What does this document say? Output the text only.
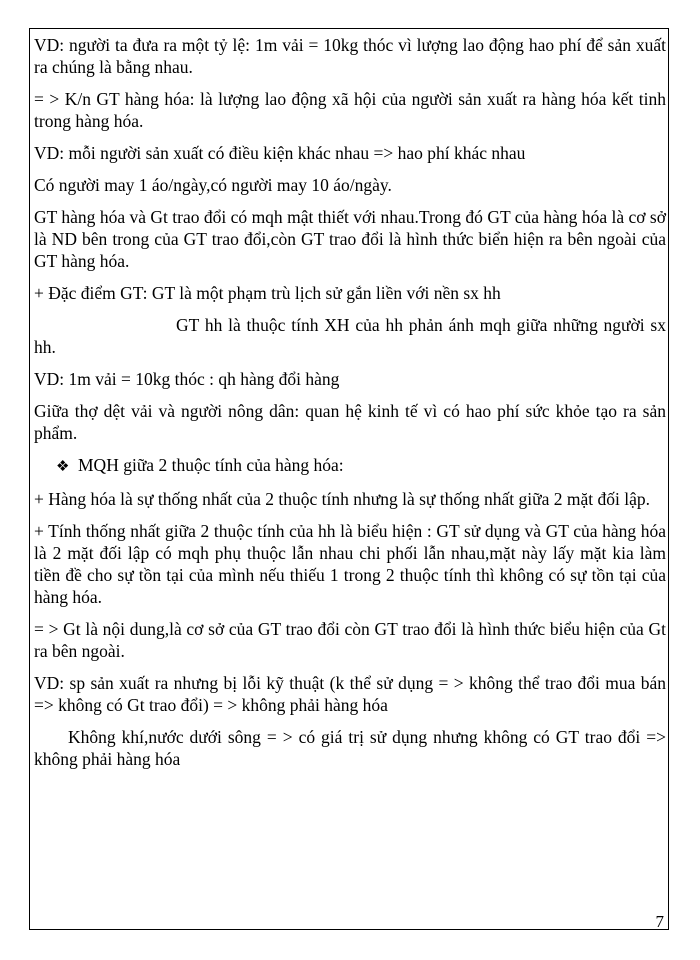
VD: người ta đưa ra một tỷ lệ: 1m vải = 10kg thóc vì lượng lao động hao phí để sản xuất ra chúng là bằng nhau.

= > K/n GT hàng hóa: là lượng lao động xã hội của người sản xuất ra hàng hóa kết tinh trong hàng hóa.

VD: mỗi người sản xuất có điều kiện khác nhau => hao phí khác nhau

Có người may 1 áo/ngày,có người may 10 áo/ngày.

GT hàng hóa và Gt trao đổi có mqh mật thiết với nhau.Trong đó GT của hàng hóa là cơ sở là ND bên trong của GT trao đổi,còn GT trao đổi là hình thức biển hiện ra bên ngoài của GT hàng hóa.

+ Đặc điểm GT: GT là một phạm trù lịch sử gắn liền với nền sx hh

GT hh là thuộc tính XH của hh phản ánh mqh giữa những người sx hh.

VD: 1m vải = 10kg thóc : qh hàng đổi hàng

Giữa thợ dệt vải và người nông dân: quan hệ kinh tế vì có hao phí sức khỏe tạo ra sản phẩm.

❖ MQH giữa 2 thuộc tính của hàng hóa:

+ Hàng hóa là sự thống nhất của 2 thuộc tính nhưng là sự thống nhất giữa 2 mặt đối lập.

+ Tính thống nhất giữa 2 thuộc tính của hh là biểu hiện : GT sử dụng và GT của hàng hóa là 2 mặt đối lập có mqh phụ thuộc lẫn nhau chi phối lẫn nhau,mặt này lấy mặt kia làm tiền đề cho sự tồn tại của mình nếu thiếu 1 trong 2 thuộc tính thì không có sự tồn tại của hàng hóa.

= > Gt là nội dung,là cơ sở của GT trao đổi còn GT trao đổi là hình thức biểu hiện của Gt ra bên ngoài.

VD: sp sản xuất ra nhưng bị lỗi kỹ thuật (k thể sử dụng = > không thể trao đổi mua bán => không có Gt trao đổi) = > không phải hàng hóa

Không khí,nước dưới sông = > có giá trị sử dụng nhưng không có GT trao đổi => không phải hàng hóa

7
